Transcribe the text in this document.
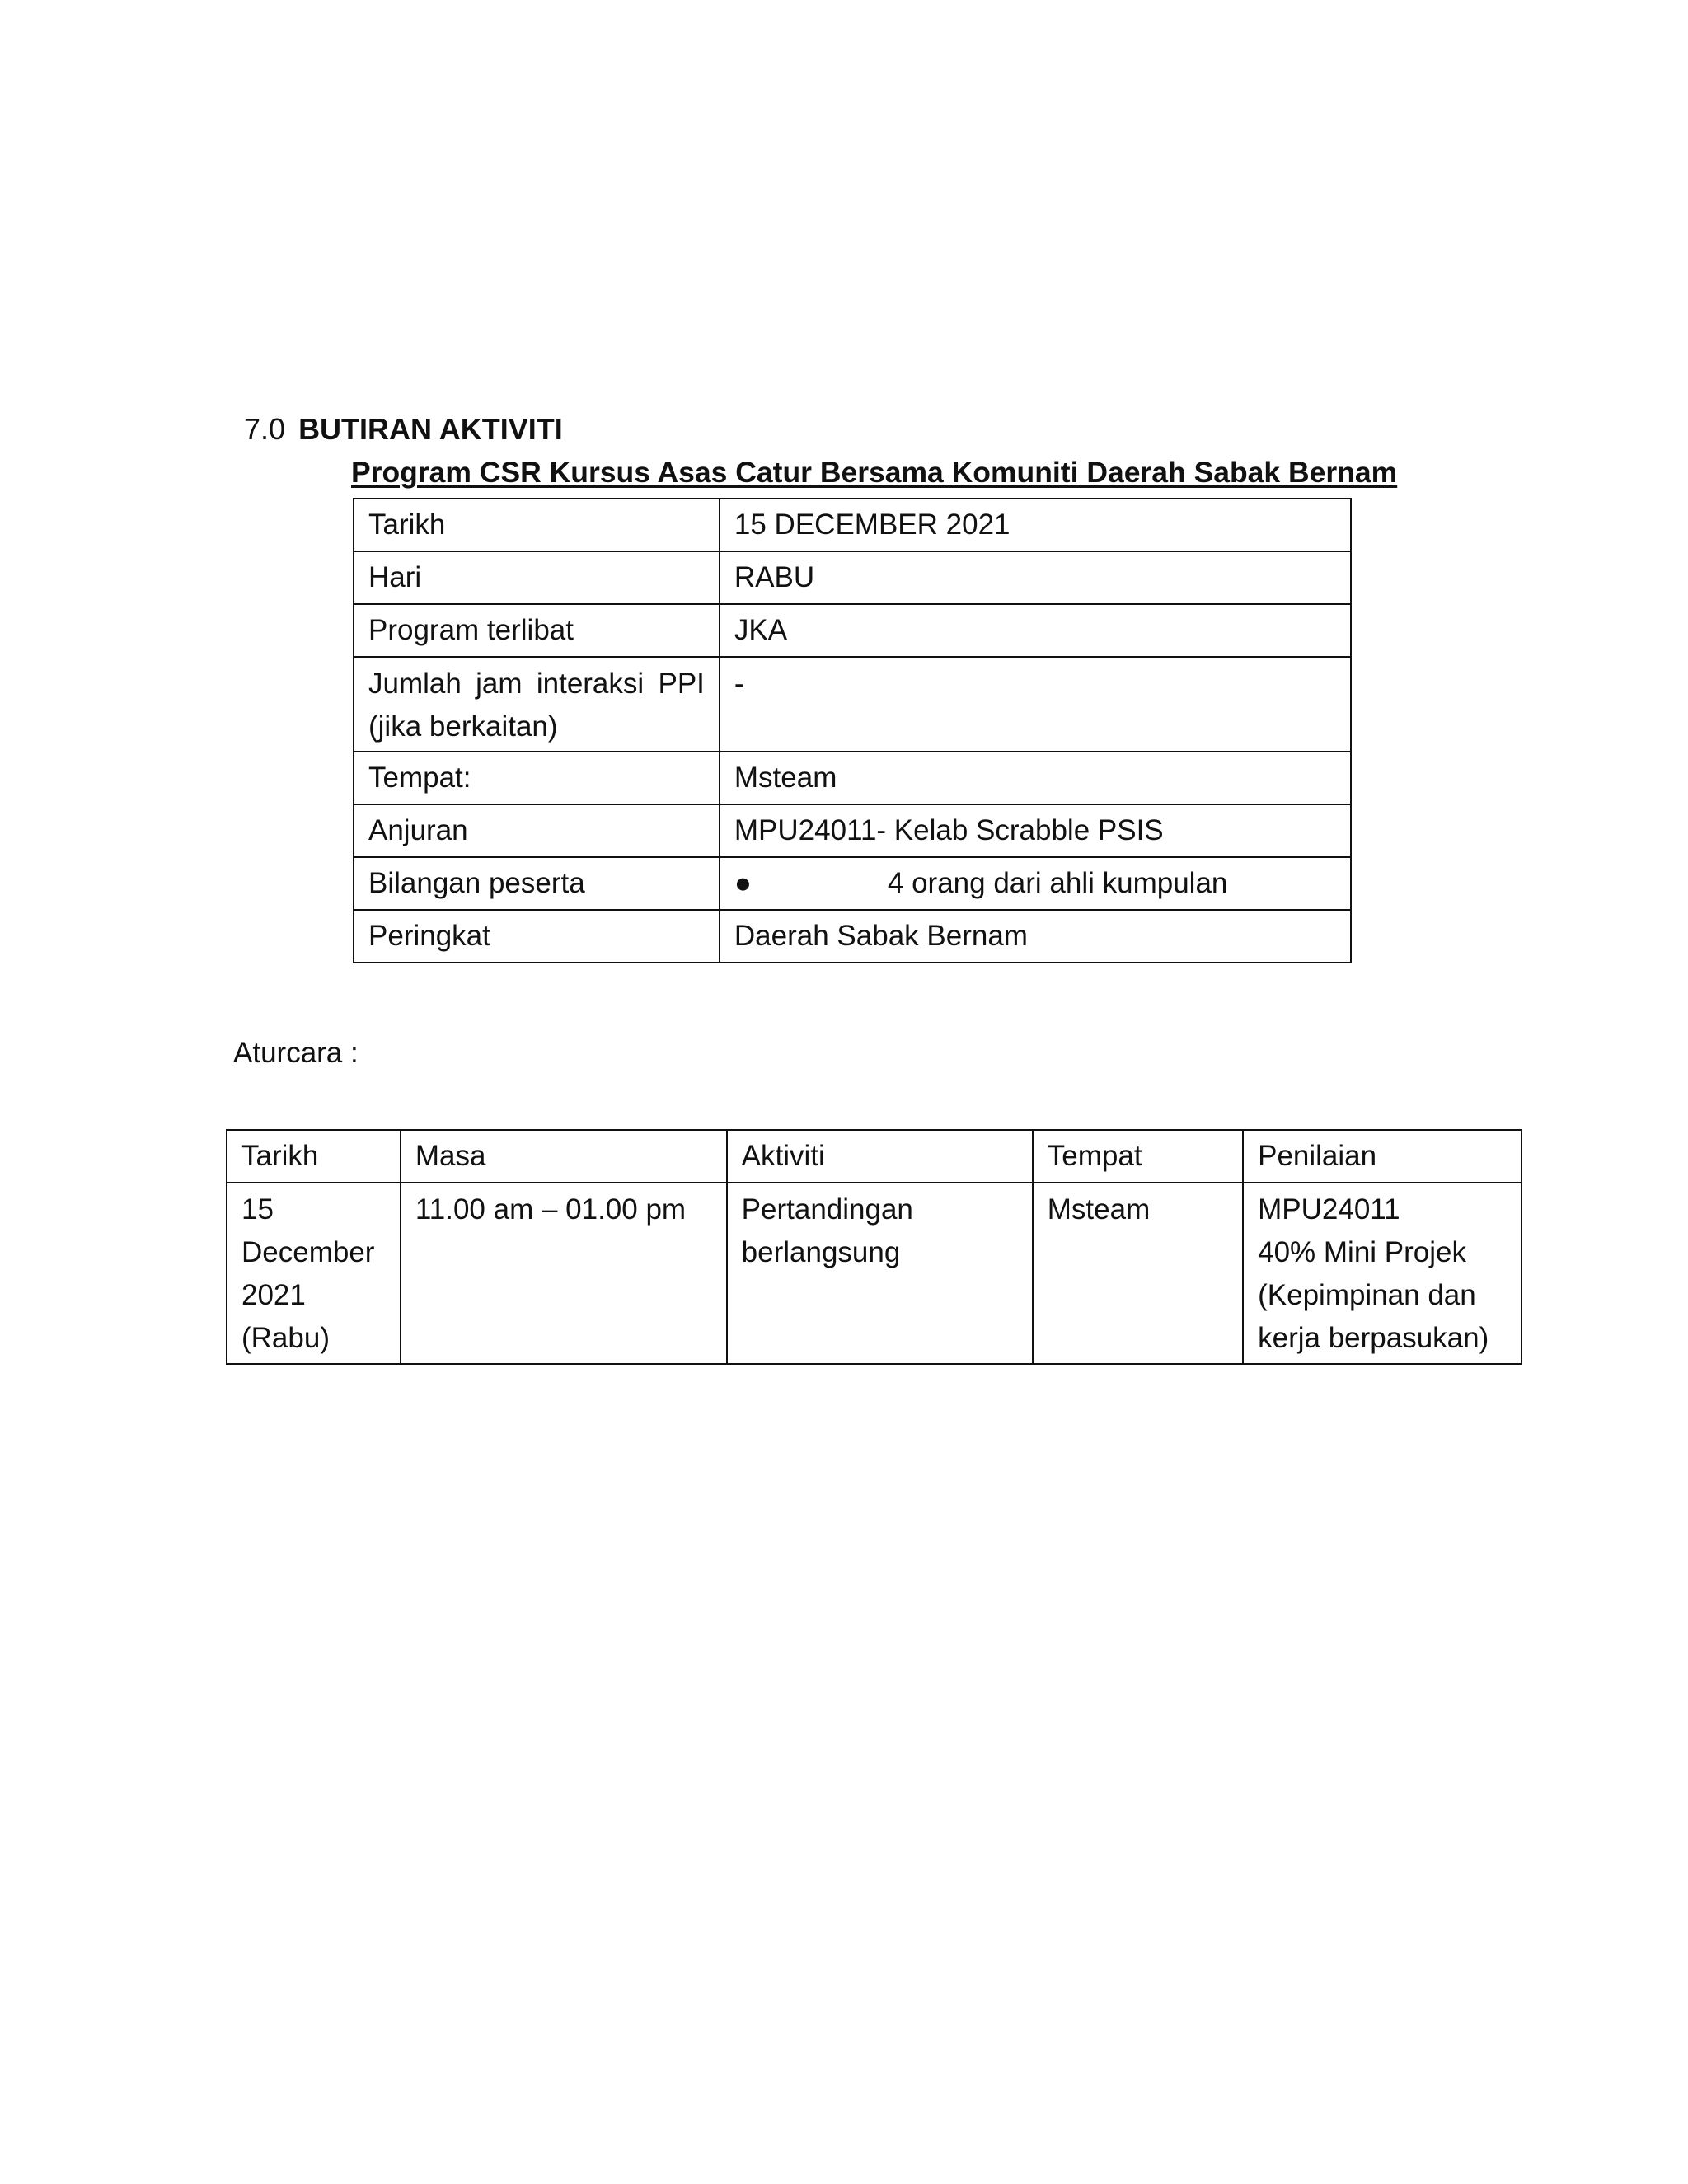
7.0 BUTIRAN AKTIVITI
Program CSR Kursus Asas Catur Bersama Komuniti Daerah Sabak Bernam
Tarikh	15 DECEMBER 2021
Hari	RABU
Program terlibat	JKA

Jumlah jam interaksi PPI
(jika berkaitan)	-
Tempat:	Msteam
Anjuran	MPU24011- Kelab Scrabble PSIS
Bilangan peserta	● 4 orang dari ahli kumpulan
Peringkat	Daerah Sabak Bernam
Aturcara :
Tarikh	Masa	Aktiviti	Tempat	Penilaian

15
December
2021
(Rabu)	11.00 am – 01.00 pm	Pertandingan
berlangsung	Msteam	MPU24011
40% Mini Projek
(Kepimpinan dan
kerja berpasukan)
